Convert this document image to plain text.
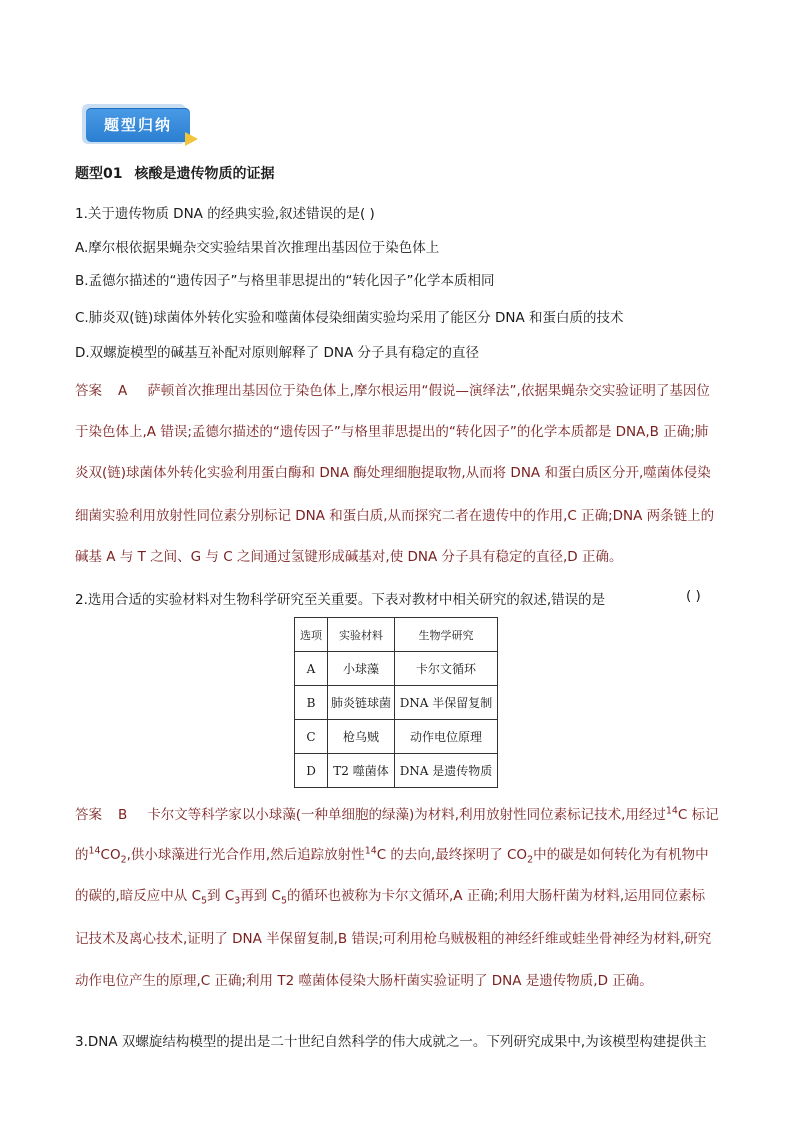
题型归纳
题型01 核酸是遗传物质的证据
1.关于遗传物质 DNA 的经典实验,叙述错误的是( )
A.摩尔根依据果蝇杂交实验结果首次推理出基因位于染色体上
B.孟德尔描述的“遗传因子”与格里菲思提出的“转化因子”化学本质相同
C.肺炎双(链)球菌体外转化实验和噬菌体侵染细菌实验均采用了能区分 DNA 和蛋白质的技术
D.双螺旋模型的碱基互补配对原则解释了 DNA 分子具有稳定的直径
答案 A 萨顿首次推理出基因位于染色体上,摩尔根运用“假说—演绎法”,依据果蝇杂交实验证明了基因位
于染色体上,A 错误;孟德尔描述的“遗传因子”与格里菲思提出的“转化因子”的化学本质都是 DNA,B 正确;肺
炎双(链)球菌体外转化实验利用蛋白酶和 DNA 酶处理细胞提取物,从而将 DNA 和蛋白质区分开,噬菌体侵染
细菌实验利用放射性同位素分别标记 DNA 和蛋白质,从而探究二者在遗传中的作用,C 正确;DNA 两条链上的
碱基 A 与 T 之间、G 与 C 之间通过氢键形成碱基对,使 DNA 分子具有稳定的直径,D 正确。
2.选用合适的实验材料对生物科学研究至关重要。下表对教材中相关研究的叙述,错误的是	( )
选项	实验材料	生物学研究
A	小球藻	卡尔文循环
B	肺炎链球菌	DNA 半保留复制
C	枪乌贼	动作电位原理
D	T2 噬菌体	DNA 是遗传物质
答案 B 卡尔文等科学家以小球藻(一种单细胞的绿藻)为材料,利用放射性同位素标记技术,用经过$^{14}$C 标记
的$^{14}CO_2$,供小球藻进行光合作用,然后追踪放射性$^{14}$C 的去向,最终探明了 $CO_2$中的碳是如何转化为有机物中
的碳的,暗反应中从 $C_5$到 $C_3$再到 $C_5$的循环也被称为卡尔文循环,A 正确;利用大肠杆菌为材料,运用同位素标
记技术及离心技术,证明了 DNA 半保留复制,B 错误;可利用枪乌贼极粗的神经纤维或蛙坐骨神经为材料,研究
动作电位产生的原理,C 正确;利用 T2 噬菌体侵染大肠杆菌实验证明了 DNA 是遗传物质,D 正确。
3.DNA 双螺旋结构模型的提出是二十世纪自然科学的伟大成就之一。下列研究成果中,为该模型构建提供主
